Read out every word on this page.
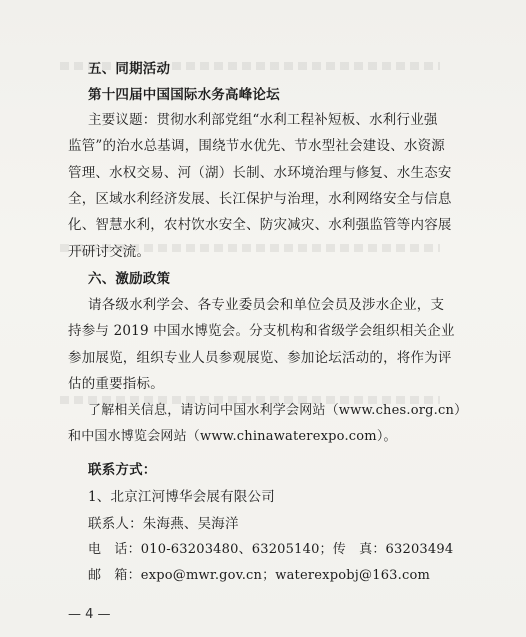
五、同期活动
第十四届中国国际水务高峰论坛
主要议题：贯彻水利部党组“水利工程补短板、水利行业强
监管”的治水总基调，围绕节水优先、节水型社会建设、水资源
管理、水权交易、河（湖）长制、水环境治理与修复、水生态安
全，区域水利经济发展、长江保护与治理，水利网络安全与信息
化、智慧水利，农村饮水安全、防灾减灾、水利强监管等内容展
开研讨交流。
六、激励政策
请各级水利学会、各专业委员会和单位会员及涉水企业，支
持参与 2019 中国水博览会。分支机构和省级学会组织相关企业
参加展览，组织专业人员参观展览、参加论坛活动的，将作为评
估的重要指标。
了解相关信息，请访问中国水利学会网站（www.ches.org.cn）
和中国水博览会网站（www.chinawaterexpo.com）。
联系方式：
1、北京江河博华会展有限公司
联系人：朱海燕、吴海洋
电　话：010-63203480、63205140；传　真：63203494
邮　箱：expo@mwr.gov.cn；waterexpobj@163.com
— 4 —
